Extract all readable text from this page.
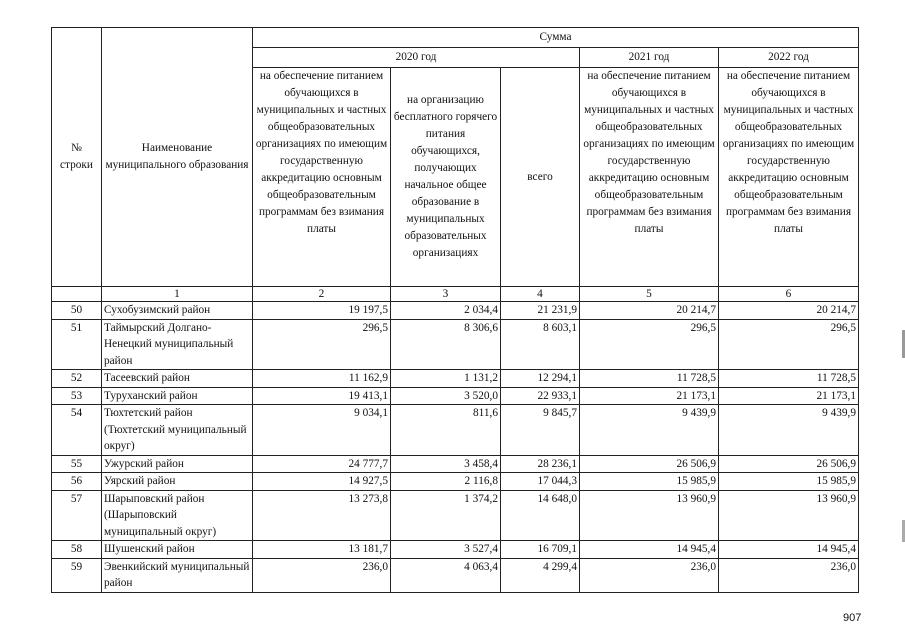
№ строки	Наименование муниципального образования	Сумма				
		2020 год			2021 год	2022 год
		на обеспечение питанием обучающихся в муниципальных и частных общеобразовательных организациях по имеющим государственную аккредитацию основным общеобразовательным программам без взимания платы	на организацию бесплатного горячего питания обучающихся, получающих начальное общее образование в муниципальных образовательных организациях	всего	на обеспечение питанием обучающихся в муниципальных и частных общеобразовательных организациях по имеющим государственную аккредитацию основным общеобразовательным программам без взимания платы	на обеспечение питанием обучающихся в муниципальных и частных общеобразовательных организациях по имеющим государственную аккредитацию основным общеобразовательным программам без взимания платы
	1	2	3	4	5	6
50	Сухобузимский район	19 197,5	2 034,4	21 231,9	20 214,7	20 214,7
51	Таймырский Долгано-Ненецкий муниципальный район	296,5	8 306,6	8 603,1	296,5	296,5
52	Тасеевский район	11 162,9	1 131,2	12 294,1	11 728,5	11 728,5
53	Туруханский район	19 413,1	3 520,0	22 933,1	21 173,1	21 173,1
54	Тюхтетский район (Тюхтетский муниципальный округ)	9 034,1	811,6	9 845,7	9 439,9	9 439,9
55	Ужурский район	24 777,7	3 458,4	28 236,1	26 506,9	26 506,9
56	Уярский район	14 927,5	2 116,8	17 044,3	15 985,9	15 985,9
57	Шарыповский район (Шарыповский муниципальный округ)	13 273,8	1 374,2	14 648,0	13 960,9	13 960,9
58	Шушенский район	13 181,7	3 527,4	16 709,1	14 945,4	14 945,4
59	Эвенкийский муниципальный район	236,0	4 063,4	4 299,4	236,0	236,0
907
